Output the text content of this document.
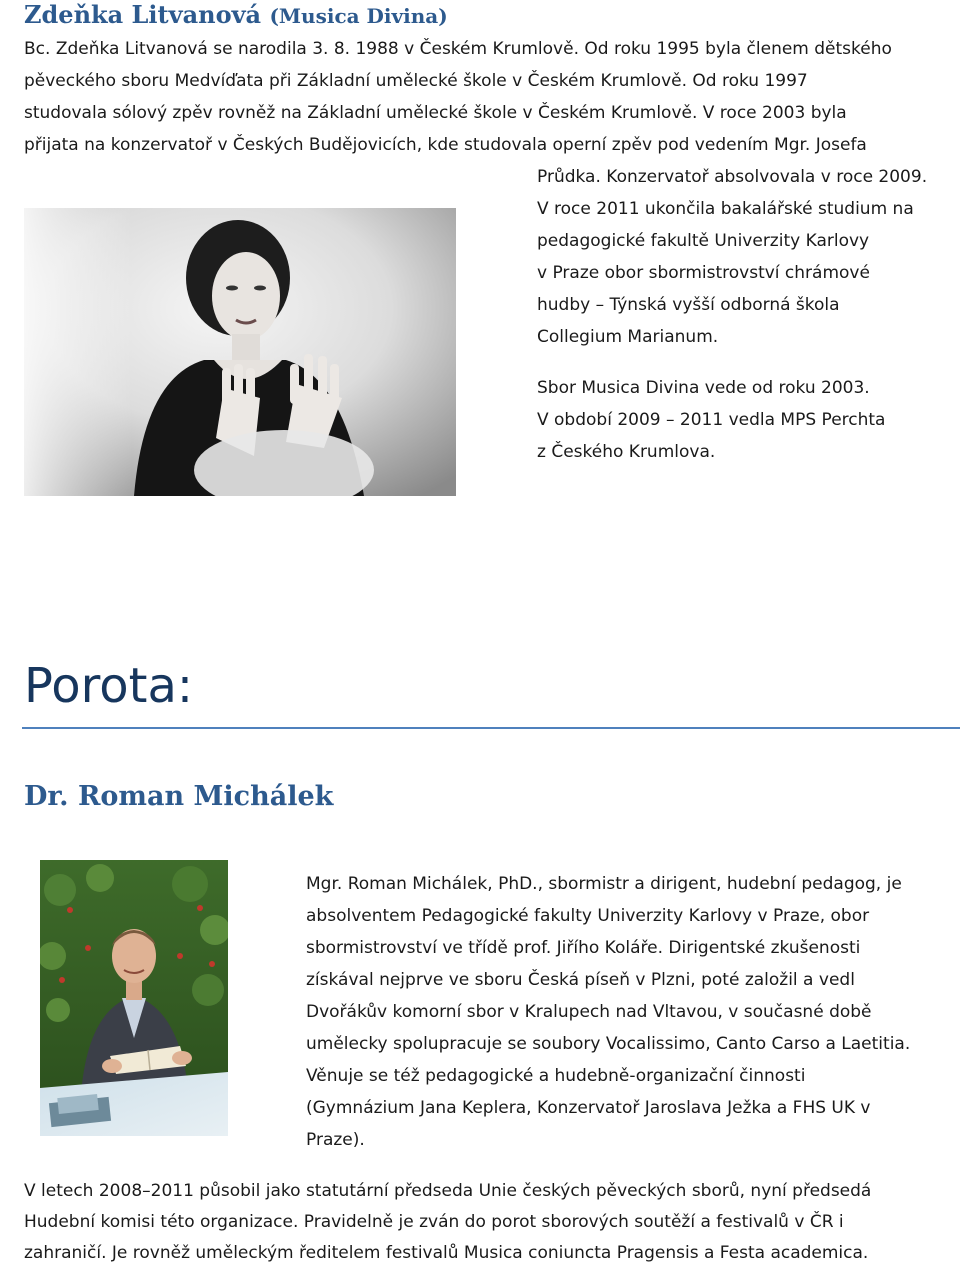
Zdeňka Litvanová (Musica Divina)
Bc. Zdeňka Litvanová se narodila 3. 8. 1988 v Českém Krumlově. Od roku 1995 byla členem dětského
pěveckého sboru Medvíďata při Základní umělecké škole v Českém Krumlově. Od roku 1997
studovala sólový zpěv rovněž na Základní umělecké škole v Českém Krumlově. V roce 2003 byla
přijata na konzervatoř v Českých Budějovicích, kde studovala operní zpěv pod vedením Mgr. Josefa
Průdka. Konzervatoř absolvovala v roce 2009.
V roce 2011 ukončila bakalářské studium na
pedagogické fakultě Univerzity Karlovy
v Praze obor sbormistrovství chrámové
hudby – Týnská vyšší odborná škola
Collegium Marianum.
Sbor Musica Divina vede od roku 2003.
V období 2009 – 2011 vedla MPS Perchta
z Českého Krumlova.
Porota:
Dr. Roman Michálek
Mgr. Roman Michálek, PhD., sbormistr a dirigent, hudební pedagog, je
absolventem Pedagogické fakulty Univerzity Karlovy v Praze, obor
sbormistrovství ve třídě prof. Jiřího Koláře. Dirigentské zkušenosti
získával nejprve ve sboru Česká píseň v Plzni, poté založil a vedl
Dvořákův komorní sbor v Kralupech nad Vltavou, v současné době
umělecky spolupracuje se soubory Vocalissimo, Canto Carso a Laetitia.
Věnuje se též pedagogické a hudebně-organizační činnosti
(Gymnázium Jana Keplera, Konzervatoř Jaroslava Ježka a FHS UK v
Praze).
V letech 2008–2011 působil jako statutární předseda Unie českých pěveckých sborů, nyní předsedá
Hudební komisi této organizace. Pravidelně je zván do porot sborových soutěží a festivalů v ČR i
zahraničí. Je rovněž uměleckým ředitelem festivalů Musica coniuncta Pragensis a Festa academica.
